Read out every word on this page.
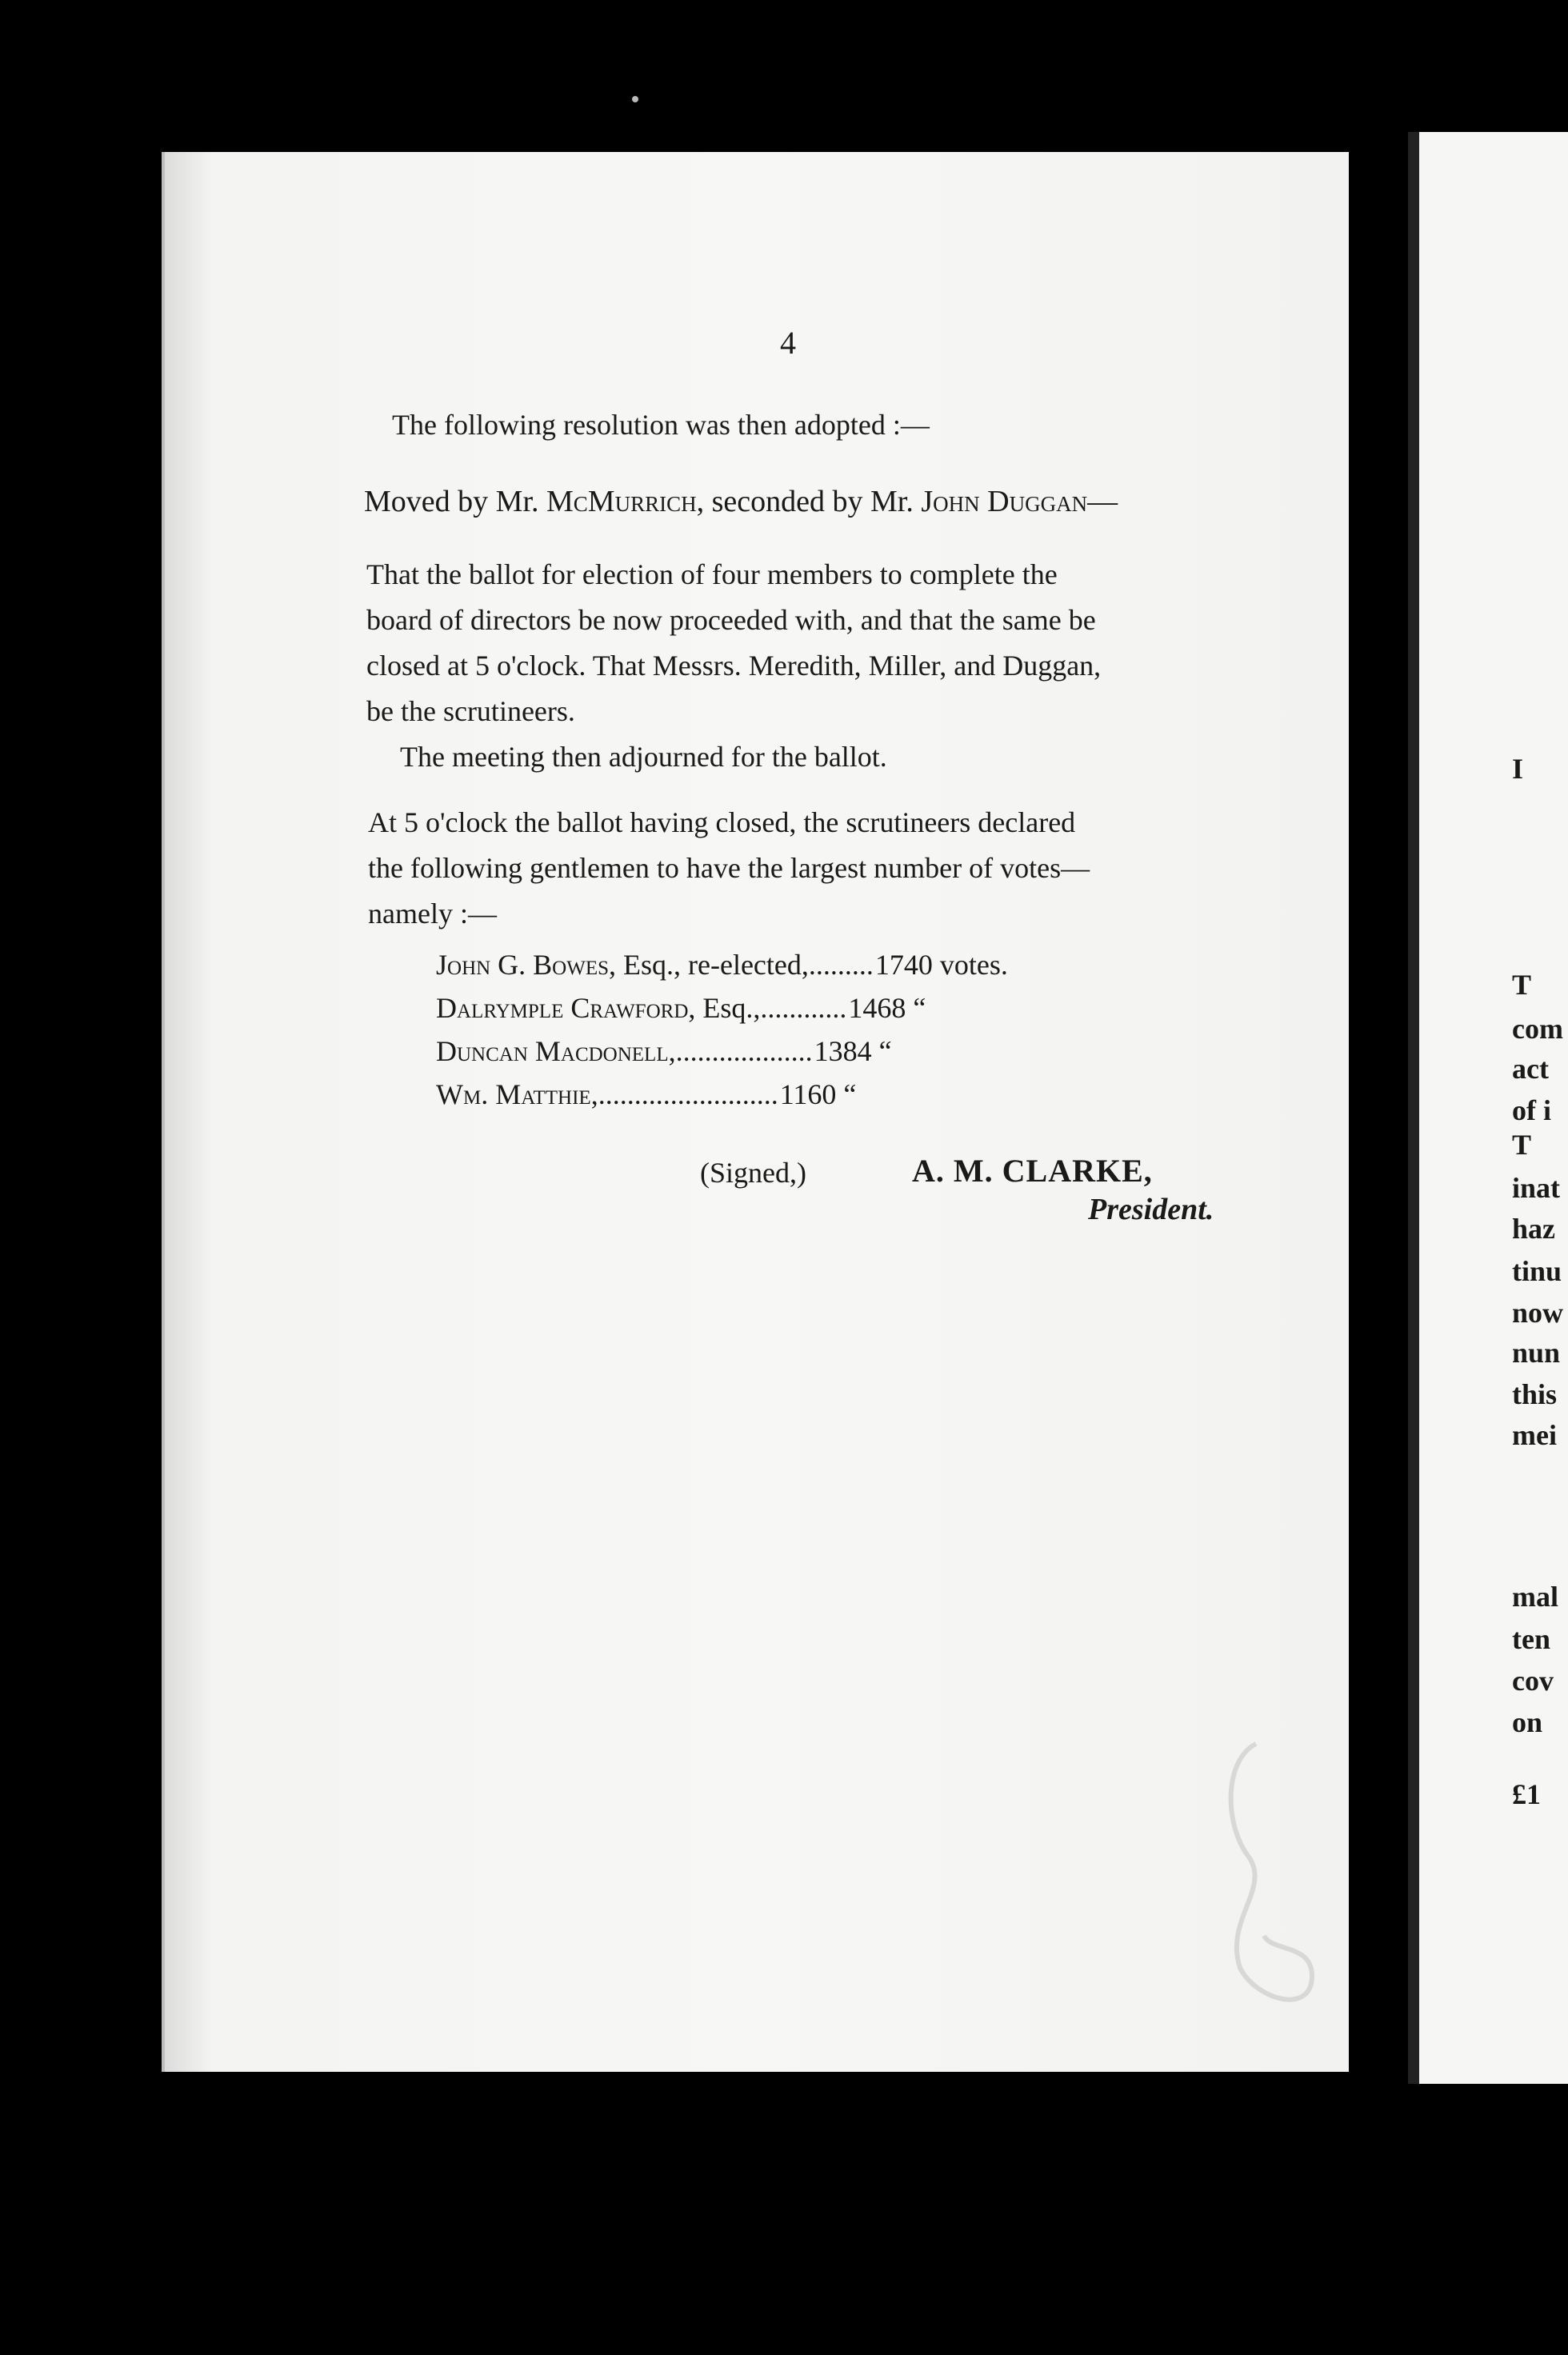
4
The following resolution was then adopted :—
Moved by Mr. McMurrich, seconded by Mr. John Duggan—
That the ballot for election of four members to complete the
board of directors be now proceeded with, and that the same be
closed at 5 o'clock. That Messrs. Meredith, Miller, and Duggan,
be the scrutineers.
The meeting then adjourned for the ballot.
At 5 o'clock the ballot having closed, the scrutineers declared
the following gentlemen to have the largest number of votes—
namely :—
John G. Bowes , Esq., re-elected, ......... 1740 votes.
Dalrymple Crawford , Esq., ............ 1468 “
Duncan Macdonell , ................... 1384 “
Wm. Matthie , ......................... 1160 “
(Signed,)	A. M. CLARKE,
President.
I
T
com
act
of i
T
inat
haz
tinu
now
nun
this
mei
mal
ten
cov
on
£1
